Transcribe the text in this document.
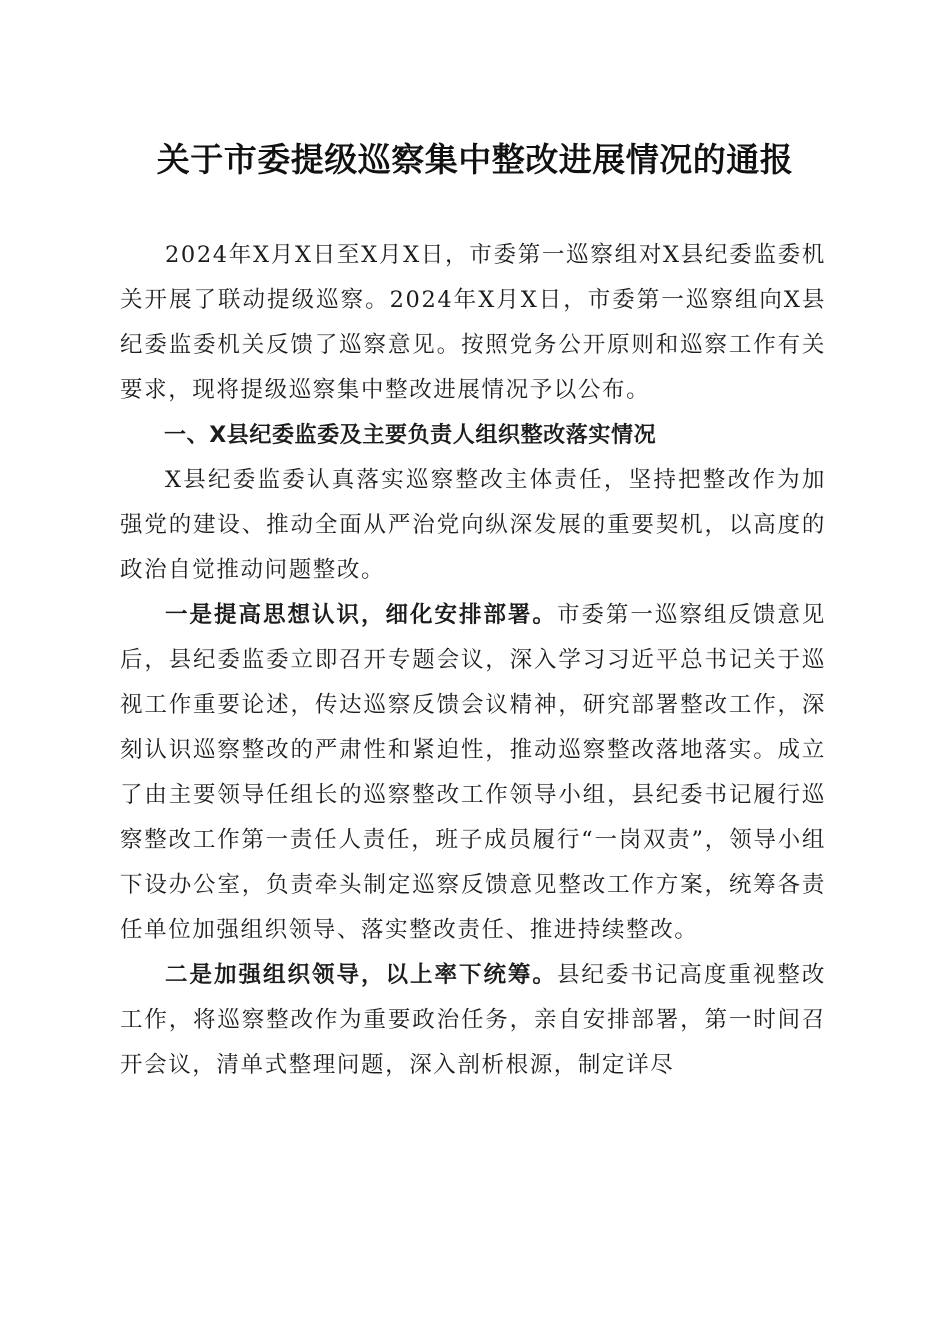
关于市委提级巡察集中整改进展情况的通报

2024年X月X日至X月X日，市委第一巡察组对X县纪委监委机关开展了联动提级巡察。2024年X月X日，市委第一巡察组向X县纪委监委机关反馈了巡察意见。按照党务公开原则和巡察工作有关要求，现将提级巡察集中整改进展情况予以公布。

一、X县纪委监委及主要负责人组织整改落实情况

X县纪委监委认真落实巡察整改主体责任，坚持把整改作为加强党的建设、推动全面从严治党向纵深发展的重要契机，以高度的政治自觉推动问题整改。

一是提高思想认识，细化安排部署。市委第一巡察组反馈意见后，县纪委监委立即召开专题会议，深入学习习近平总书记关于巡视工作重要论述，传达巡察反馈会议精神，研究部署整改工作，深刻认识巡察整改的严肃性和紧迫性，推动巡察整改落地落实。成立了由主要领导任组长的巡察整改工作领导小组，县纪委书记履行巡察整改工作第一责任人责任，班子成员履行“一岗双责”，领导小组下设办公室，负责牵头制定巡察反馈意见整改工作方案，统筹各责任单位加强组织领导、落实整改责任、推进持续整改。

二是加强组织领导，以上率下统筹。县纪委书记高度重视整改工作，将巡察整改作为重要政治任务，亲自安排部署，第一时间召开会议，清单式整理问题，深入剖析根源，制定详尽
